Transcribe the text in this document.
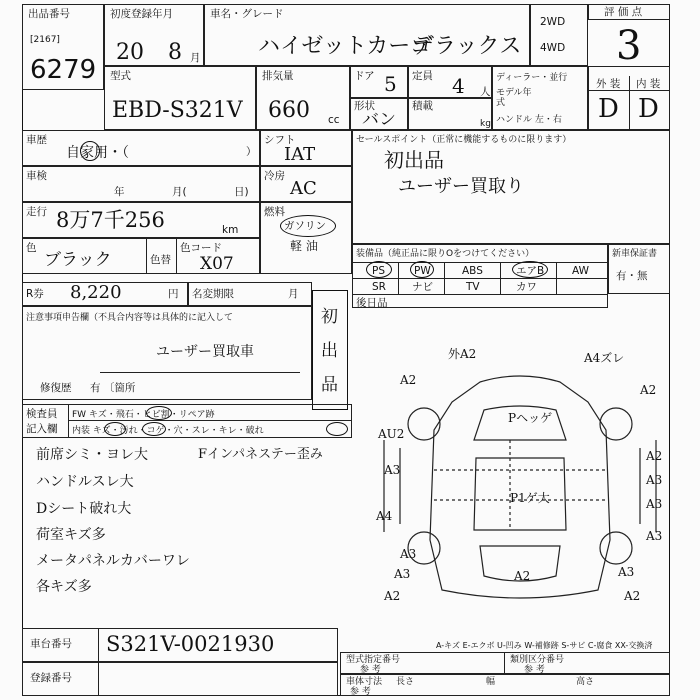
出品番号
[2167]
6279
初度登録年月
20 8 月
車名・グレード
ハイゼットカーゴ
デラックス
2WD
4WD
評 価 点
3
型式
EBD-S321V
排気量
660 cc
ドア 5 定員 4 人
形状
バン
積載
kg
ディーラー・並行
モデル年式
ハンドル 左・右
外 装 内 装
D D
車歴
自家用・（	）
車検
年	月(	日)
走行 8万7千256	km
色
ブラック	色替
色コード
X07
シフト
IAT
冷房
AC
燃料
ガソリン
軽 油
R券 8,220	円 名変期限	月
注意事項申告欄（不具合内容等は具体的に記入して
ユーザー買取車
修復歴 有 〔箇所
初出品
セールスポイント（正常に機能するものに限ります）
初出品
ユーザー買取り
装備品（純正品に限りOをつけてください）	新車保証書
有・無
PS	PW	ABS	エアB	AW
SR ナビ	TV	カワ
後日品
検査員
記入欄
FW キズ・飛石・ヒビ割・リペア跡
内装 キズ・汚れ・コゲ・穴・スレ・キレ・破れ
前席シミ・ヨレ大
ハンドルスレ大
Dシート破れ大
荷室キズ多
メータパネルカバーワレ
各キズ多
Fインパネステー歪み
外A2	A4ズレ
A2
A2
Pヘッゲ
AU2
A2
A3
A3
P1ゲ大	A3
A4
A3
A3
A3	A2	A3
A2	A2
車台番号 S321V-0021930
登録番号
A-キズ E-エクボ U-凹み W-補修跡 S-サビ C-腐食 XX-交換済
型式指定番号
参 考
類別区分番号
参 考
車体寸法
参 考
長さ	幅	高さ
